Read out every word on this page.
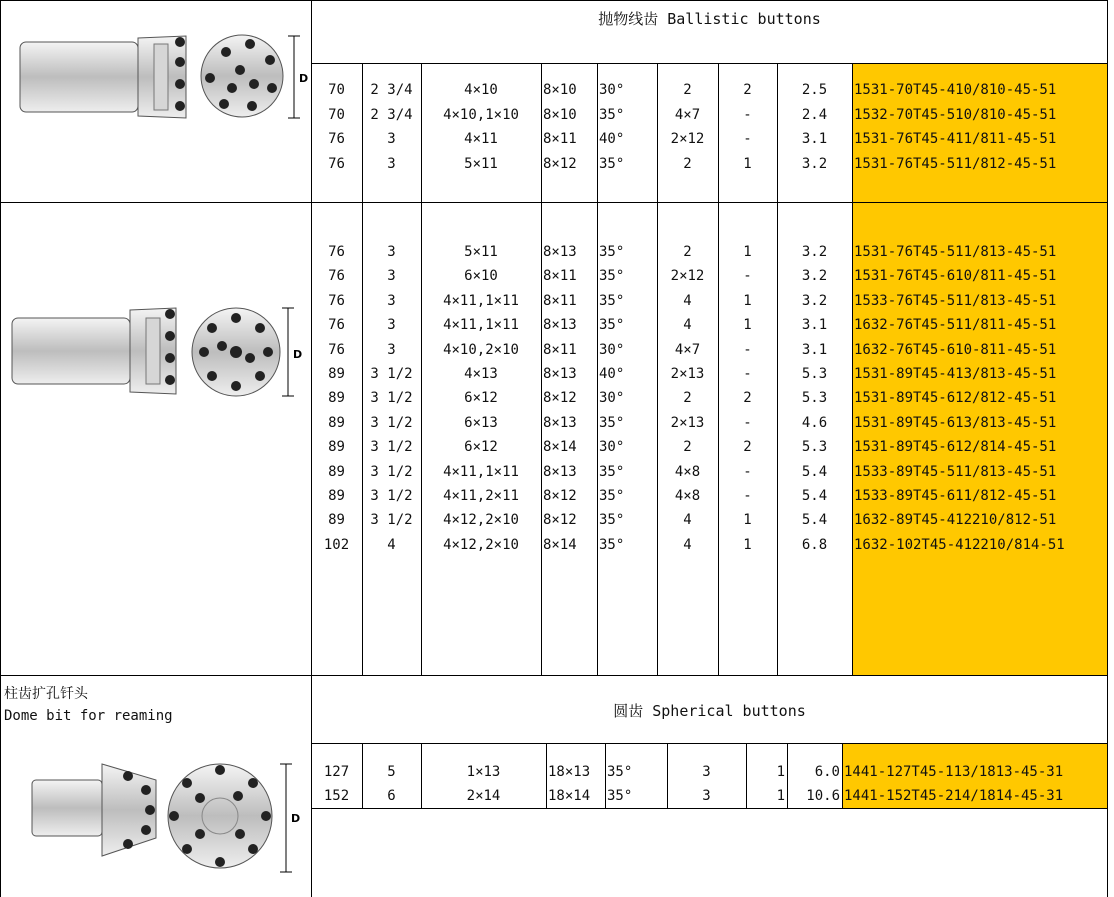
抛物线齿 Ballistic buttons
圆齿 Spherical buttons
柱齿扩孔钎头
Dome bit for reaming
D
D
D
70	2 3/4	4×10	8×10	30°	2	2	2.5	1531-70T45-410/810-45-51
70	2 3/4	4×10,1×10	8×10	35°	4×7	-	2.4	1532-70T45-510/810-45-51
76	3	4×11	8×11	40°	2×12	-	3.1	1531-76T45-411/811-45-51
76	3	5×11	8×12	35°	2	1	3.2	1531-76T45-511/812-45-51
76	3	5×11	8×13	35°	2	1	3.2	1531-76T45-511/813-45-51
76	3	6×10	8×11	35°	2×12	-	3.2	1531-76T45-610/811-45-51
76	3	4×11,1×11	8×11	35°	4	1	3.2	1533-76T45-511/813-45-51
76	3	4×11,1×11	8×13	35°	4	1	3.1	1632-76T45-511/811-45-51
76	3	4×10,2×10	8×11	30°	4×7	-	3.1	1632-76T45-610-811-45-51
89	3 1/2	4×13	8×13	40°	2×13	-	5.3	1531-89T45-413/813-45-51
89	3 1/2	6×12	8×12	30°	2	2	5.3	1531-89T45-612/812-45-51
89	3 1/2	6×13	8×13	35°	2×13	-	4.6	1531-89T45-613/813-45-51
89	3 1/2	6×12	8×14	30°	2	2	5.3	1531-89T45-612/814-45-51
89	3 1/2	4×11,1×11	8×13	35°	4×8	-	5.4	1533-89T45-511/813-45-51
89	3 1/2	4×11,2×11	8×12	35°	4×8	-	5.4	1533-89T45-611/812-45-51
89	3 1/2	4×12,2×10	8×12	35°	4	1	5.4	1632-89T45-412210/812-51
102	4	4×12,2×10	8×14	35°	4	1	6.8	1632-102T45-412210/814-51
127	5	1×13	18×13	35°	3	1	6.0 1441-127T45-113/1813-45-31
152	6	2×14	18×14	35°	3	1	10.6 1441-152T45-214/1814-45-31
